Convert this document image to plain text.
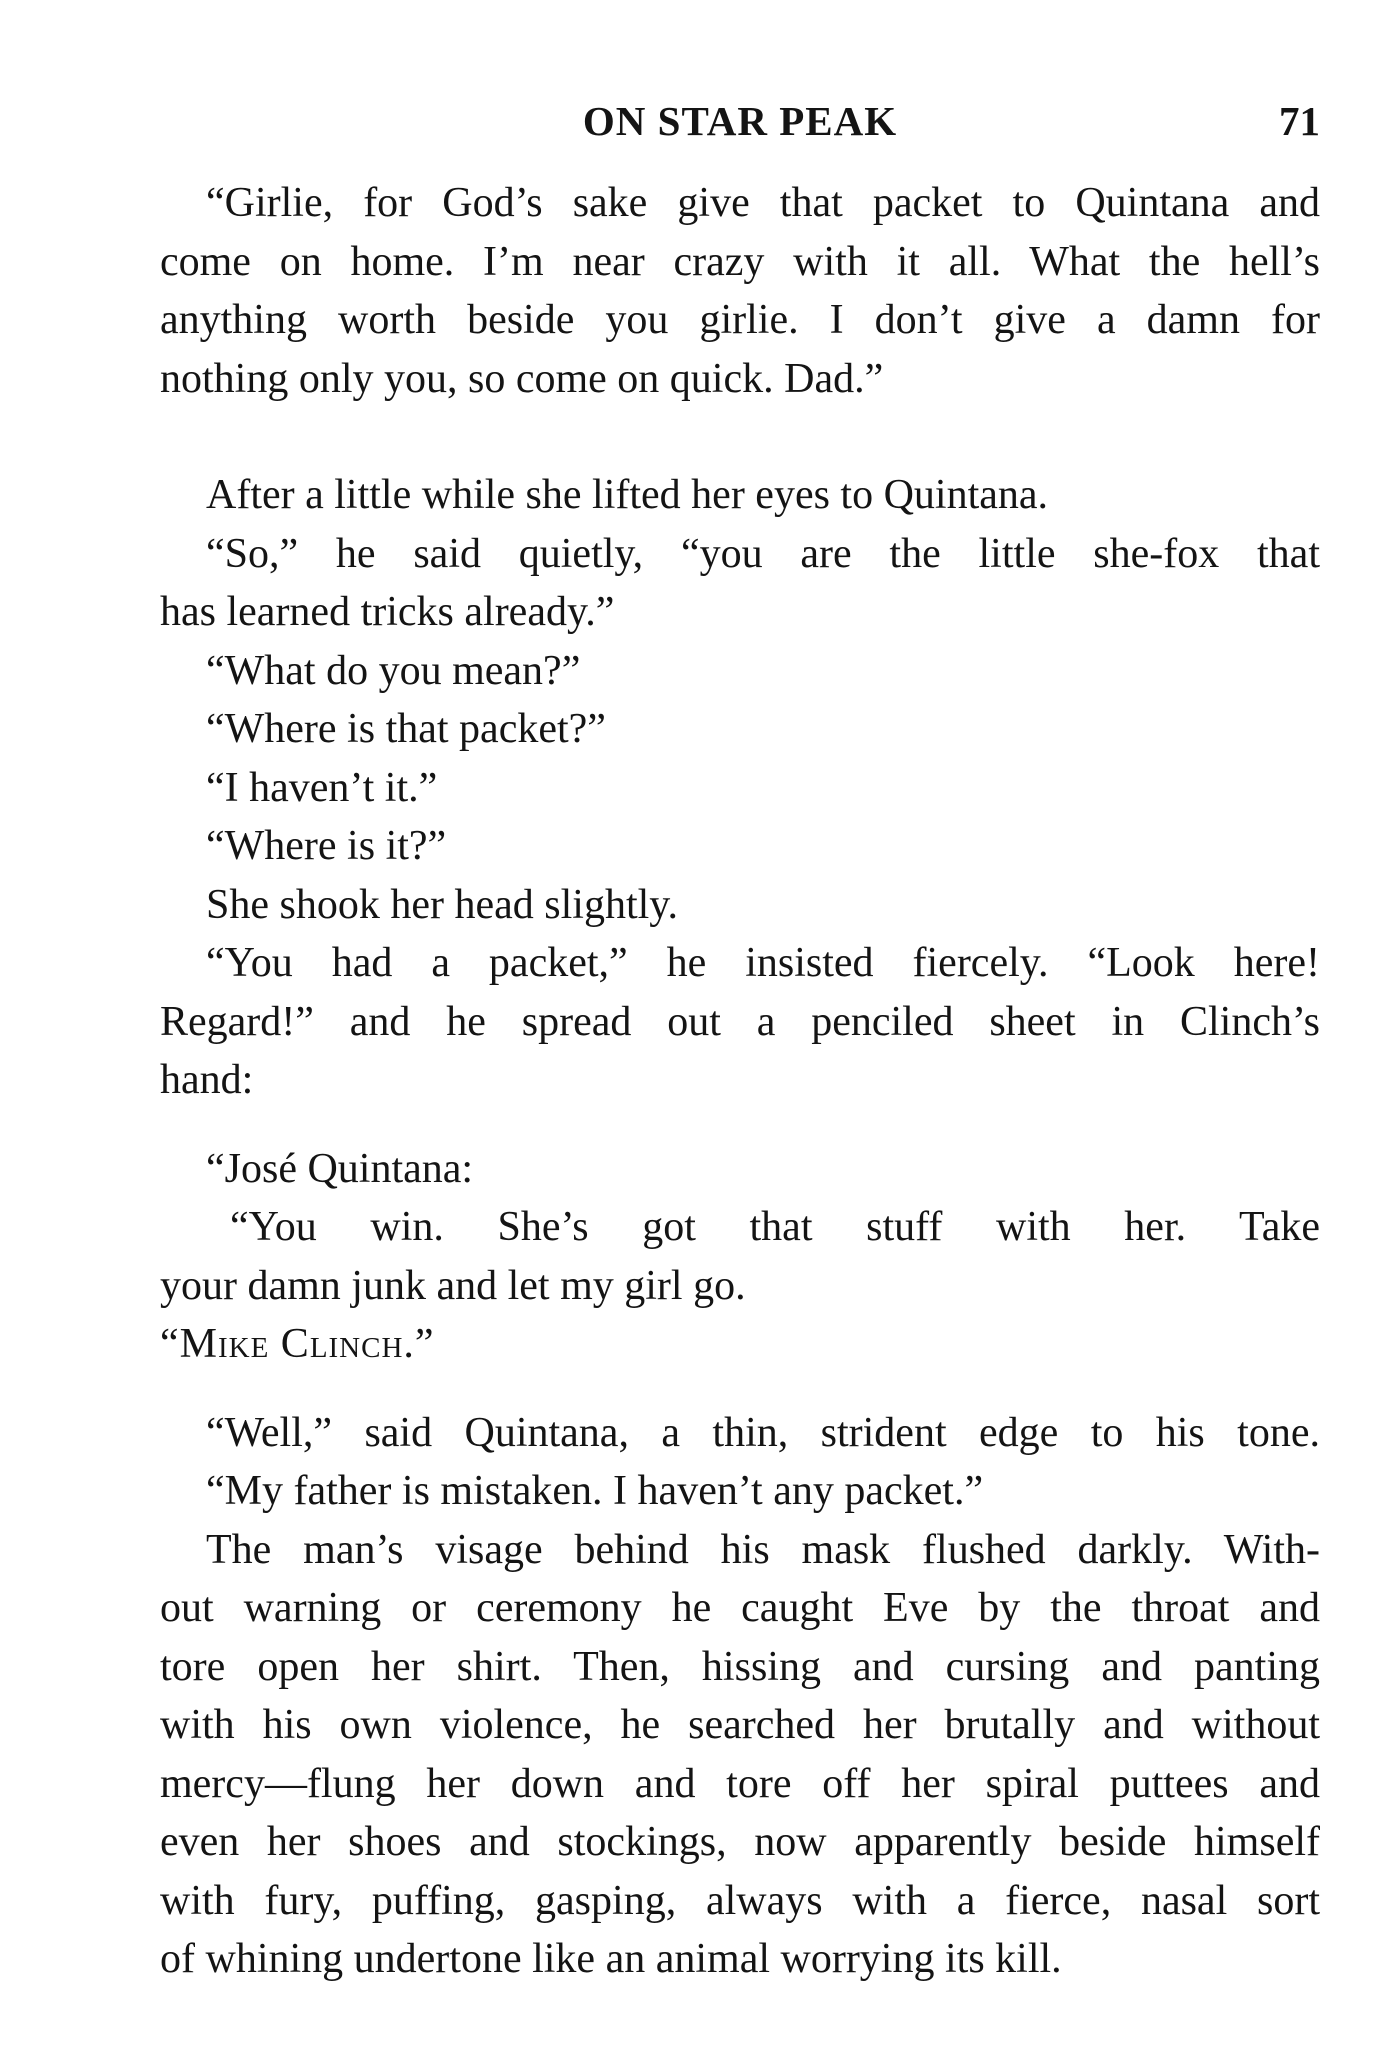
ON STAR PEAK	71
“Girlie, for God’s sake give that packet to Quintana and
come on home. I’m near crazy with it all. What the hell’s
anything worth beside you girlie. I don’t give a damn for
nothing only you, so come on quick. Dad.”
After a little while she lifted her eyes to Quintana.
“So,” he said quietly, “you are the little she-fox that
has learned tricks already.”
“What do you mean?”
“Where is that packet?”
“I haven’t it.”
“Where is it?”
She shook her head slightly.
“You had a packet,” he insisted fiercely. “Look here!
Regard!” and he spread out a penciled sheet in Clinch’s
hand:
“José Quintana:
“You win. She’s got that stuff with her. Take
your damn junk and let my girl go.
“Mike Clinch.”
“Well,” said Quintana, a thin, strident edge to his tone.
“My father is mistaken. I haven’t any packet.”
The man’s visage behind his mask flushed darkly. With-
out warning or ceremony he caught Eve by the throat and
tore open her shirt. Then, hissing and cursing and panting
with his own violence, he searched her brutally and without
mercy—flung her down and tore off her spiral puttees and
even her shoes and stockings, now apparently beside himself
with fury, puffing, gasping, always with a fierce, nasal sort
of whining undertone like an animal worrying its kill.
